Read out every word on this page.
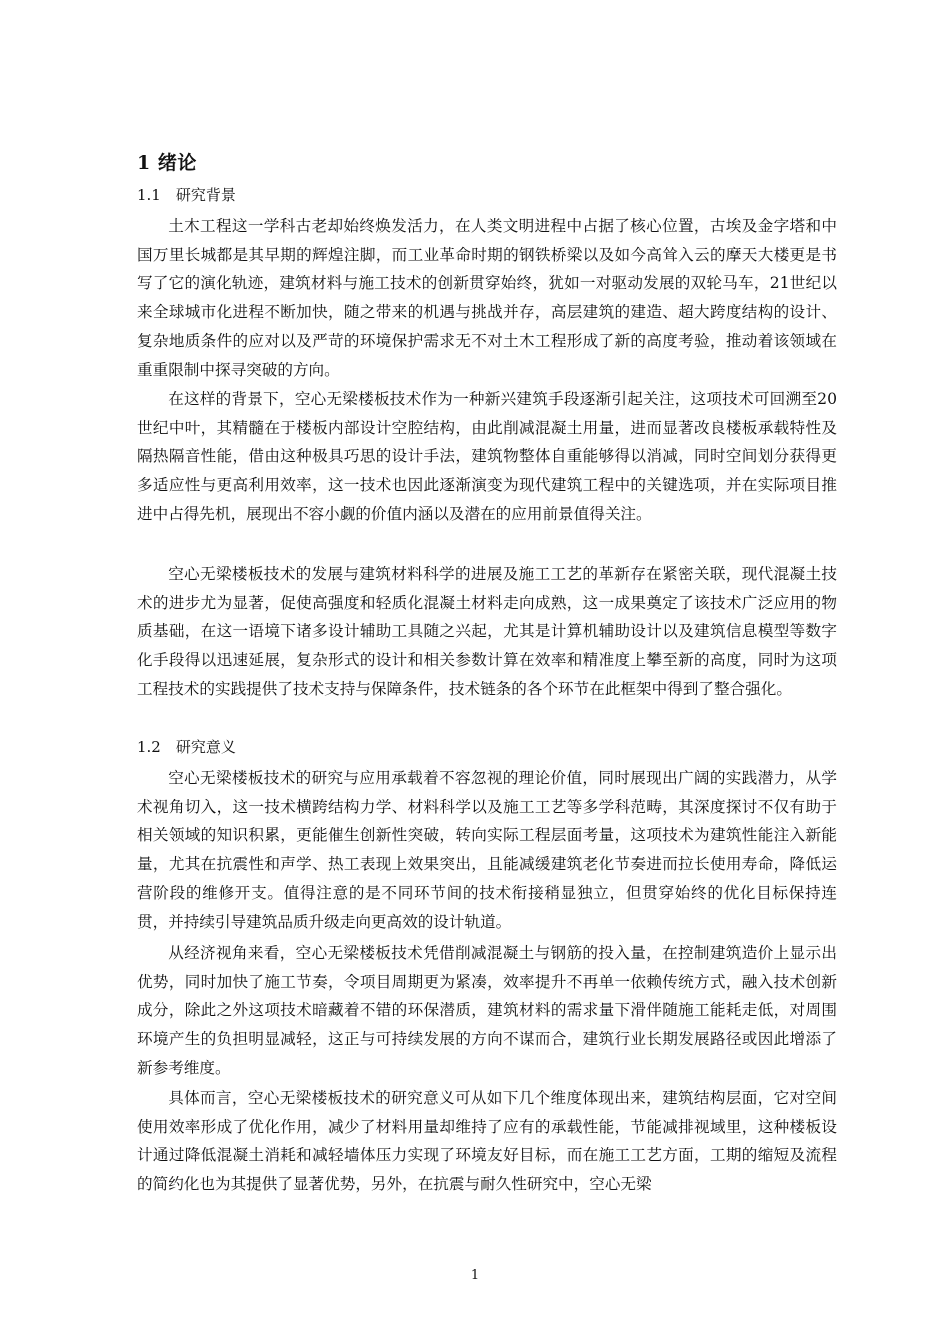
1 绪论
1.1　研究背景

土木工程这一学科古老却始终焕发活力，在人类文明进程中占据了核心位置，古埃及金字塔和中国万里长城都是其早期的辉煌注脚，而工业革命时期的钢铁桥梁以及如今高耸入云的摩天大楼更是书写了它的演化轨迹，建筑材料与施工技术的创新贯穿始终，犹如一对驱动发展的双轮马车，21世纪以来全球城市化进程不断加快，随之带来的机遇与挑战并存，高层建筑的建造、超大跨度结构的设计、复杂地质条件的应对以及严苛的环境保护需求无不对土木工程形成了新的高度考验，推动着该领域在重重限制中探寻突破的方向。

在这样的背景下，空心无梁楼板技术作为一种新兴建筑手段逐渐引起关注，这项技术可回溯至20世纪中叶，其精髓在于楼板内部设计空腔结构，由此削减混凝土用量，进而显著改良楼板承载特性及隔热隔音性能，借由这种极具巧思的设计手法，建筑物整体自重能够得以消减，同时空间划分获得更多适应性与更高利用效率，这一技术也因此逐渐演变为现代建筑工程中的关键选项，并在实际项目推进中占得先机，展现出不容小觑的价值内涵以及潜在的应用前景值得关注。

空心无梁楼板技术的发展与建筑材料科学的进展及施工工艺的革新存在紧密关联，现代混凝土技术的进步尤为显著，促使高强度和轻质化混凝土材料走向成熟，这一成果奠定了该技术广泛应用的物质基础，在这一语境下诸多设计辅助工具随之兴起，尤其是计算机辅助设计以及建筑信息模型等数字化手段得以迅速延展，复杂形式的设计和相关参数计算在效率和精准度上攀至新的高度，同时为这项工程技术的实践提供了技术支持与保障条件，技术链条的各个环节在此框架中得到了整合强化。

1.2　研究意义

空心无梁楼板技术的研究与应用承载着不容忽视的理论价值，同时展现出广阔的实践潜力，从学术视角切入，这一技术横跨结构力学、材料科学以及施工工艺等多学科范畴，其深度探讨不仅有助于相关领域的知识积累，更能催生创新性突破，转向实际工程层面考量，这项技术为建筑性能注入新能量，尤其在抗震性和声学、热工表现上效果突出，且能减缓建筑老化节奏进而拉长使用寿命，降低运营阶段的维修开支。值得注意的是不同环节间的技术衔接稍显独立，但贯穿始终的优化目标保持连贯，并持续引导建筑品质升级走向更高效的设计轨道。

从经济视角来看，空心无梁楼板技术凭借削减混凝土与钢筋的投入量，在控制建筑造价上显示出优势，同时加快了施工节奏，令项目周期更为紧凑，效率提升不再单一依赖传统方式，融入技术创新成分，除此之外这项技术暗藏着不错的环保潜质，建筑材料的需求量下滑伴随施工能耗走低，对周围环境产生的负担明显减轻，这正与可持续发展的方向不谋而合，建筑行业长期发展路径或因此增添了新参考维度。

具体而言，空心无梁楼板技术的研究意义可从如下几个维度体现出来，建筑结构层面，它对空间使用效率形成了优化作用，减少了材料用量却维持了应有的承载性能，节能减排视域里，这种楼板设计通过降低混凝土消耗和减轻墙体压力实现了环境友好目标，而在施工工艺方面，工期的缩短及流程的简约化也为其提供了显著优势，另外，在抗震与耐久性研究中，空心无梁

1
